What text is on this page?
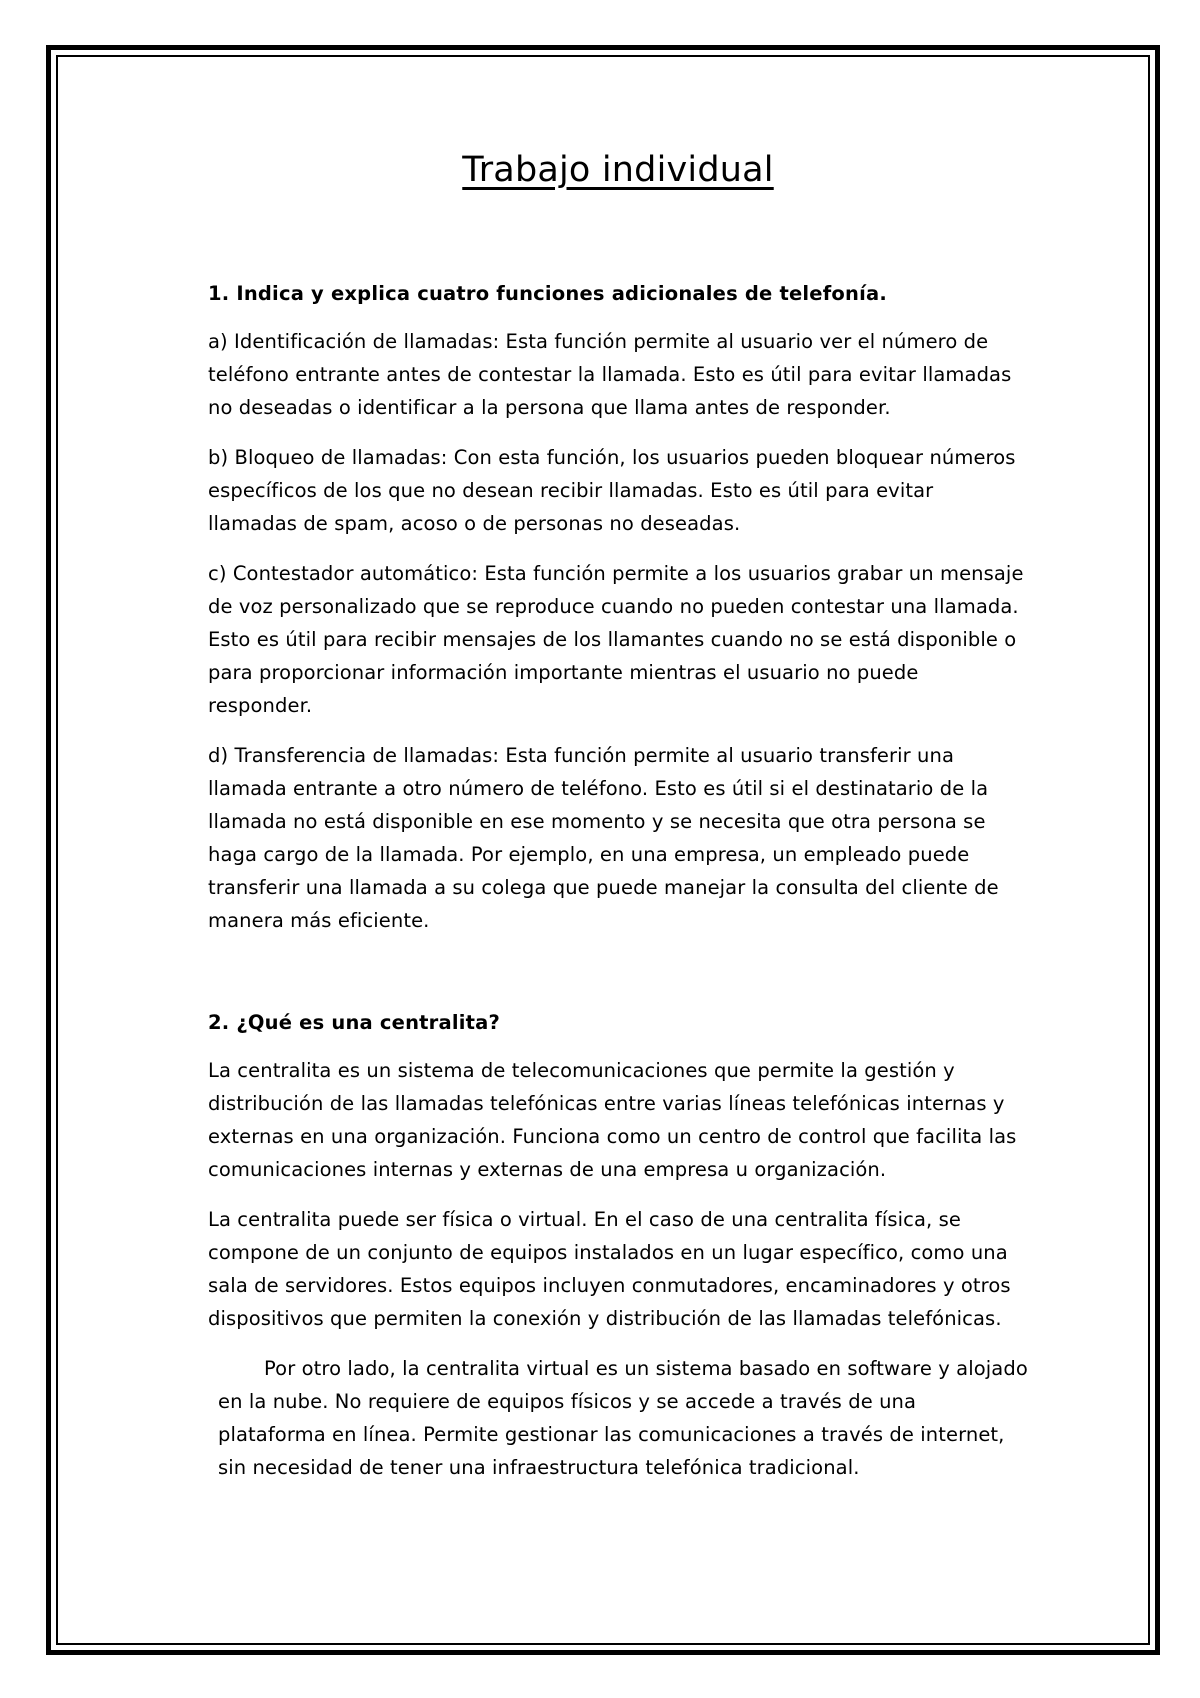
Trabajo individual

1. Indica y explica cuatro funciones adicionales de telefonía.

a) Identificación de llamadas: Esta función permite al usuario ver el número de teléfono entrante antes de contestar la llamada. Esto es útil para evitar llamadas no deseadas o identificar a la persona que llama antes de responder.

b) Bloqueo de llamadas: Con esta función, los usuarios pueden bloquear números específicos de los que no desean recibir llamadas. Esto es útil para evitar llamadas de spam, acoso o de personas no deseadas.

c) Contestador automático: Esta función permite a los usuarios grabar un mensaje de voz personalizado que se reproduce cuando no pueden contestar una llamada. Esto es útil para recibir mensajes de los llamantes cuando no se está disponible o para proporcionar información importante mientras el usuario no puede responder.

d) Transferencia de llamadas: Esta función permite al usuario transferir una llamada entrante a otro número de teléfono. Esto es útil si el destinatario de la llamada no está disponible en ese momento y se necesita que otra persona se haga cargo de la llamada. Por ejemplo, en una empresa, un empleado puede transferir una llamada a su colega que puede manejar la consulta del cliente de manera más eficiente.

2. ¿Qué es una centralita?

La centralita es un sistema de telecomunicaciones que permite la gestión y distribución de las llamadas telefónicas entre varias líneas telefónicas internas y externas en una organización. Funciona como un centro de control que facilita las comunicaciones internas y externas de una empresa u organización.

La centralita puede ser física o virtual. En el caso de una centralita física, se compone de un conjunto de equipos instalados en un lugar específico, como una sala de servidores. Estos equipos incluyen conmutadores, encaminadores y otros dispositivos que permiten la conexión y distribución de las llamadas telefónicas.

Por otro lado, la centralita virtual es un sistema basado en software y alojado en la nube. No requiere de equipos físicos y se accede a través de una plataforma en línea. Permite gestionar las comunicaciones a través de internet, sin necesidad de tener una infraestructura telefónica tradicional.
